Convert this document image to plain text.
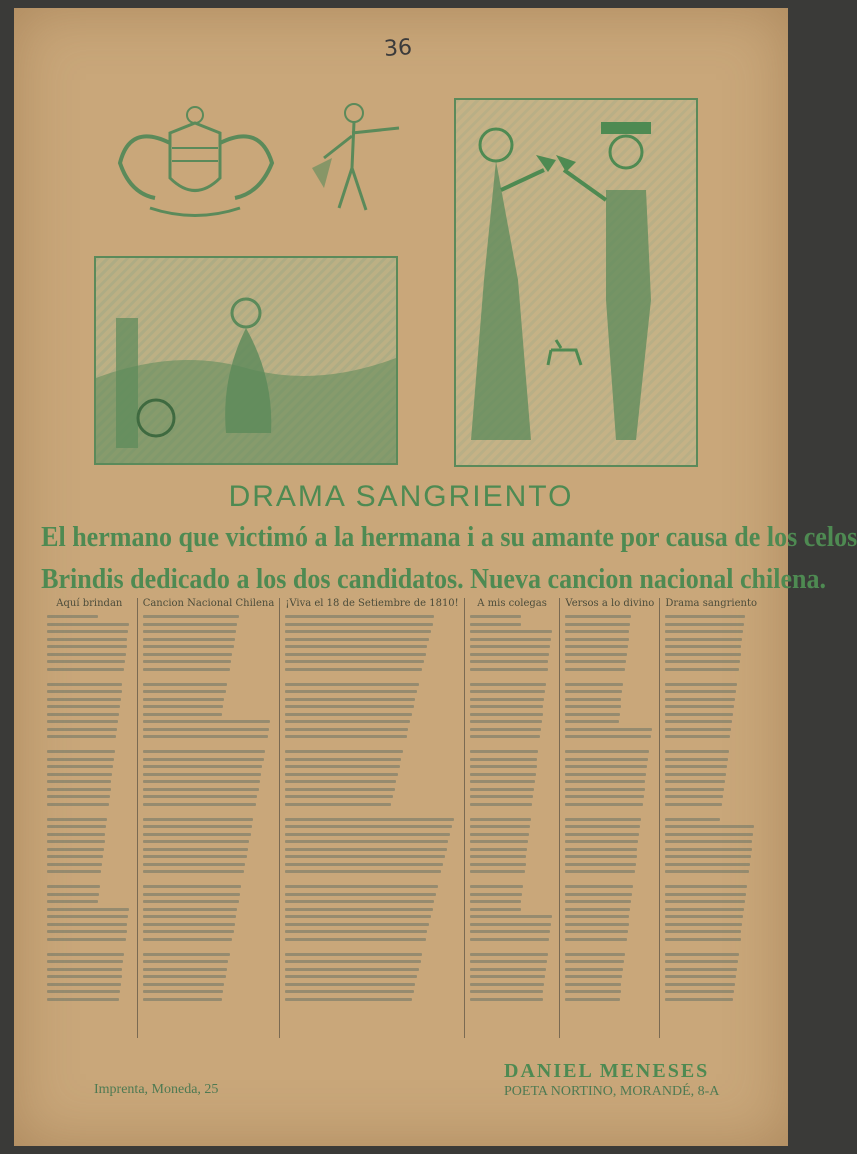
36
DRAMA SANGRIENTO
El hermano que victimó a la hermana i a su amante por causa de los celos
Brindis dedicado a los dos candidatos. Nueva cancion nacional chilena.
Aquí brindan	Cancion Nacional Chilena ¡Viva el 18 de Setiembre de 1810!	A mis colegas	Versos a lo divino Drama sangriento
Imprenta, Moneda, 25
DANIEL MENESES
POETA NORTINO, MORANDÉ, 8-A
